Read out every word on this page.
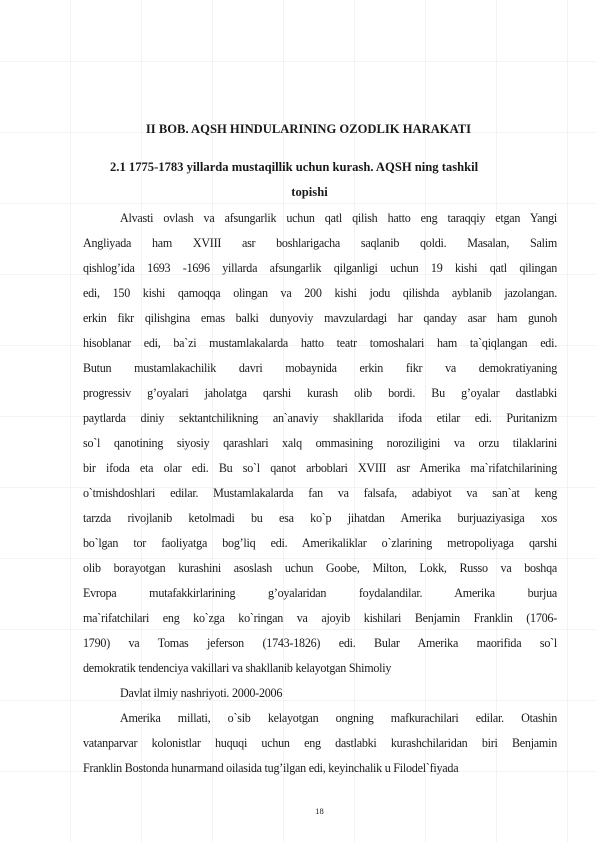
II BOB. AQSH HINDULARINING OZODLIK HARAKATI
2.1 1775-1783 yillarda mustaqillik uchun kurash. AQSH ning tashkil
topishi
Alvasti ovlash va afsungarlik uchun qatl qilish hatto eng taraqqiy etgan Yangi
Angliyada ham XVIII asr boshlarigacha saqlanib qoldi. Masalan, Salim
qishlog’ida 1693 -1696 yillarda afsungarlik qilganligi uchun 19 kishi qatl qilingan
edi, 150 kishi qamoqqa olingan va 200 kishi jodu qilishda ayblanib jazolangan.
erkin fikr qilishgina emas balki dunyoviy mavzulardagi har qanday asar ham gunoh
hisoblanar edi, ba`zi mustamlakalarda hatto teatr tomoshalari ham ta`qiqlangan edi.
Butun mustamlakachilik davri mobaynida erkin fikr va demokratiyaning
progressiv g’oyalari jaholatga qarshi kurash olib bordi. Bu g’oyalar dastlabki
paytlarda diniy sektantchilikning an`anaviy shakllarida ifoda etilar edi. Puritanizm
so`l qanotining siyosiy qarashlari xalq ommasining noroziligini va orzu tilaklarini
bir ifoda eta olar edi. Bu so`l qanot arboblari XVIII asr Amerika ma`rifatchilarining
o`tmishdoshlari edilar. Mustamlakalarda fan va falsafa, adabiyot va san`at keng
tarzda rivojlanib ketolmadi bu esa ko`p jihatdan Amerika burjuaziyasiga xos
bo`lgan tor faoliyatga bog’liq edi. Amerikaliklar o`zlarining metropoliyaga qarshi
olib borayotgan kurashini asoslash uchun Goobe, Milton, Lokk, Russo va boshqa
Evropa mutafakkirlarining g’oyalaridan foydalandilar. Amerika burjua
ma`rifatchilari eng ko`zga ko`ringan va ajoyib kishilari Benjamin Franklin (1706-
1790) va Tomas jeferson (1743-1826) edi. Bular Amerika maorifida so`l
demokratik tendenciya vakillari va shakllanib kelayotgan Shimoliy
Davlat ilmiy nashriyoti. 2000-2006
Amerika millati, o`sib kelayotgan ongning mafkurachilari edilar. Otashin
vatanparvar kolonistlar huquqi uchun eng dastlabki kurashchilaridan biri Benjamin
Franklin Bostonda hunarmand oilasida tug’ilgan edi, keyinchalik u Filodel`fiyada
18
